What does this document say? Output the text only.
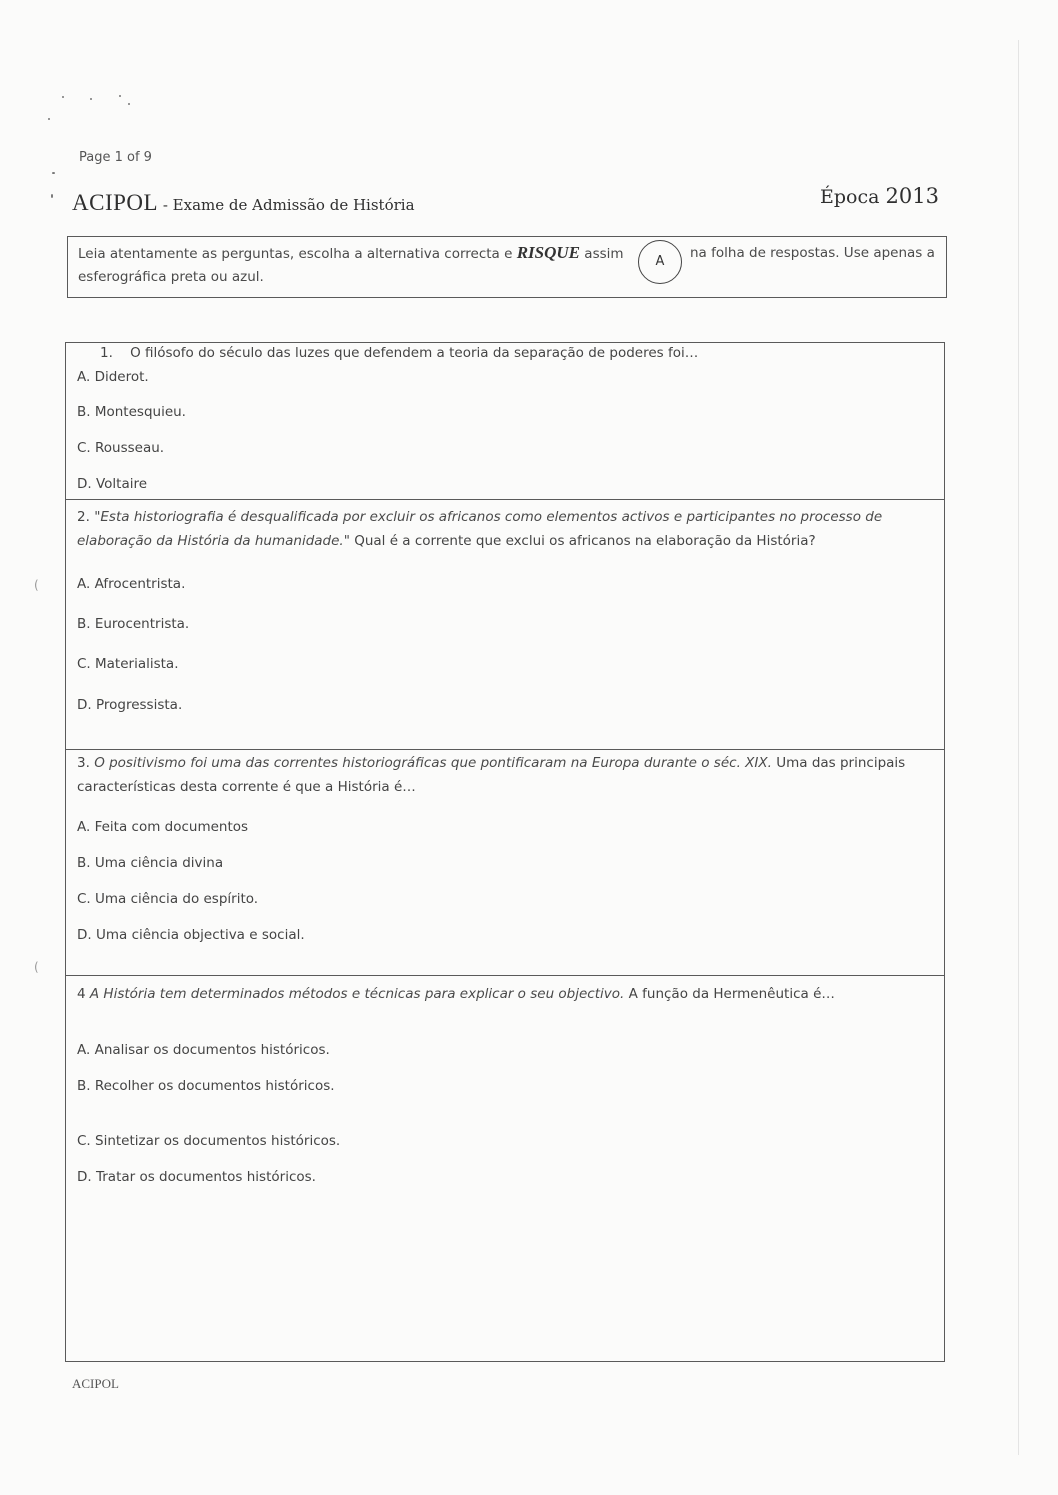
(
(
Page 1 of 9
ACIPOL - Exame de Admissão de História	Época 2013
Leia atentamente as perguntas, escolha a alternativa correcta e RISQUE assim	na folha de respostas. Use apenas a
esferográfica preta ou azul.
A
1. O filósofo do século das luzes que defendem a teoria da separação de poderes foi…
A. Diderot.
B. Montesquieu.
C. Rousseau.
D. Voltaire
2. "Esta historiografia é desqualificada por excluir os africanos como elementos activos e participantes no processo de elaboração da História da humanidade." Qual é a corrente que exclui os africanos na elaboração da História?
A. Afrocentrista.
B. Eurocentrista.
C. Materialista.
D. Progressista.
3. O positivismo foi uma das correntes historiográficas que pontificaram na Europa durante o séc. XIX. Uma das principais características desta corrente é que a História é…
A. Feita com documentos
B. Uma ciência divina
C. Uma ciência do espírito.
D. Uma ciência objectiva e social.
4 A História tem determinados métodos e técnicas para explicar o seu objectivo. A função da Hermenêutica é…
A. Analisar os documentos históricos.
B. Recolher os documentos históricos.
C. Sintetizar os documentos históricos.
D. Tratar os documentos históricos.
ACIPOL
